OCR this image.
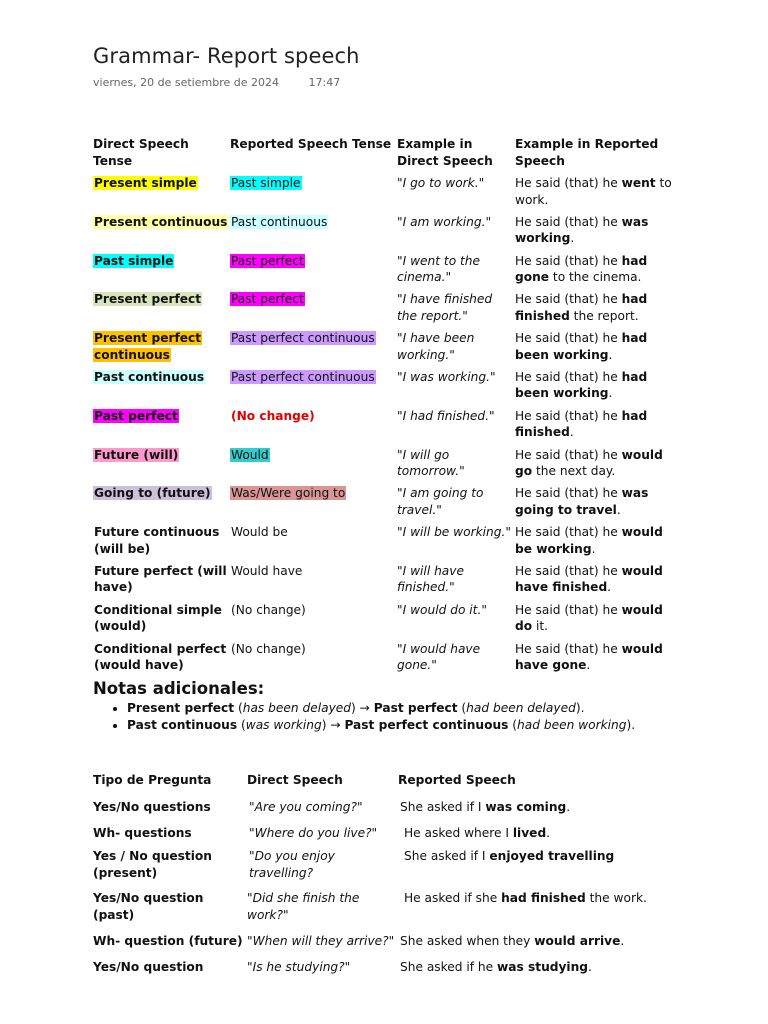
Grammar- Report speech
viernes, 20 de setiembre de 2024	17:47
Direct Speech Tense	Reported Speech Tense	Example in Direct Speech	Example in Reported Speech
Present simple	Past simple	"I go to work."	He said (that) he went to work.
Present continuous	Past continuous	"I am working."	He said (that) he was working.
Past simple	Past perfect	"I went to the cinema."	He said (that) he had gone to the cinema.
Present perfect	Past perfect	"I have finished the report."	He said (that) he had finished the report.
Present perfect continuous	Past perfect continuous	"I have been working."	He said (that) he had been working.
Past continuous	Past perfect continuous	"I was working."	He said (that) he had been working.
Past perfect	(No change)	"I had finished."	He said (that) he had finished.
Future (will)	Would	"I will go tomorrow."	He said (that) he would go the next day.
Going to (future)	Was/Were going to	"I am going to travel."	He said (that) he was going to travel.
Future continuous (will be)	Would be	"I will be working."	He said (that) he would be working.
Future perfect (will have)	Would have	"I will have finished."	He said (that) he would have finished.
Conditional simple (would)	(No change)	"I would do it."	He said (that) he would do it.
Conditional perfect (would have)	(No change)	"I would have gone."	He said (that) he would have gone.
Notas adicionales:
• Present perfect (has been delayed) → Past perfect (had been delayed).
• Past continuous (was working) → Past perfect continuous (had been working).
Tipo de Pregunta	Direct Speech	Reported Speech
Yes/No questions	"Are you coming?"	She asked if I was coming.
Wh- questions	"Where do you live?"	He asked where I lived.
Yes / No question (present)	"Do you enjoy travelling?	She asked if I enjoyed travelling
Yes/No question (past)	"Did she finish the work?"	He asked if she had finished the work.
Wh- question (future)	"When will they arrive?"	She asked when they would arrive.
Yes/No question	"Is he studying?"	She asked if he was studying.
